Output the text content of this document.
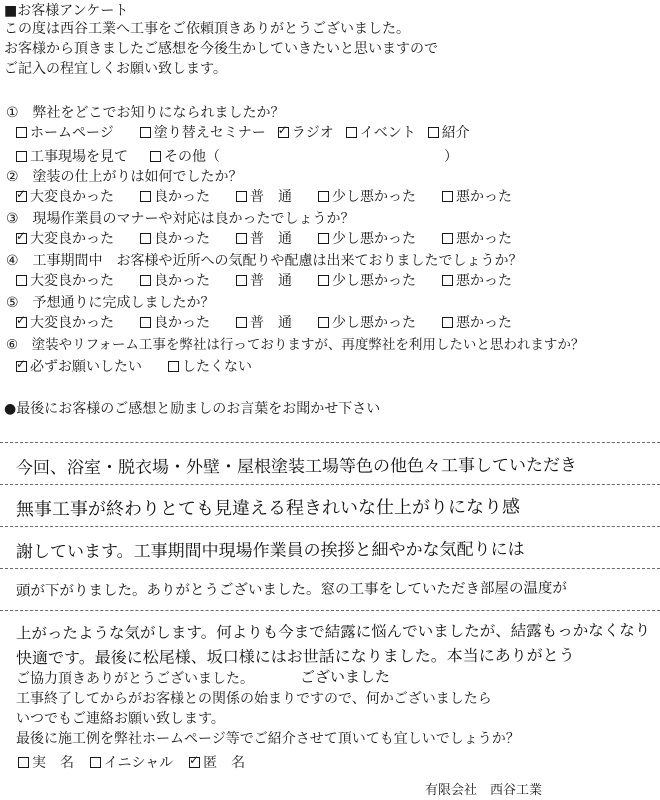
■お客様アンケート
この度は西谷工業へ工事をご依頼頂きありがとうございました。
お客様から頂きましたご感想を今後生かしていきたいと思いますので
ご記入の程宜しくお願い致します。
①　弊社をどこでお知りになられましたか？
ホームページ	塗り替えセミナー ✓ ラジオ イベント 紹介
工事現場を見て	その他（　　　　　　　　　　　　　　　　）
②　塗装の仕上がりは如何でしたか？
✓大変良かった	良かった	普　通	少し悪かった	悪かった
③　現場作業員のマナーや対応は良かったでしょうか？
✓大変良かった	良かった	普　通	少し悪かった	悪かった
④　工事期間中　お客様や近所への気配りや配慮は出来ておりましたでしょうか？
大変良かった	良かった	普　通	少し悪かった	悪かった
⑤　予想通りに完成しましたか？
✓大変良かった	良かった	普　通	少し悪かった	悪かった
⑥　塗装やリフォーム工事を弊社は行っておりますが、再度弊社を利用したいと思われますか？
✓必ずお願いしたい	したくない
●最後にお客様のご感想と励ましのお言葉をお聞かせ下さい
今回、浴室・脱衣場・外壁・屋根塗装工場等色の他色々工事していただき
無事工事が終わりとても見違える程きれいな仕上がりになり感
謝しています。工事期間中現場作業員の挨拶と細やかな気配りには
頭が下がりました。ありがとうございました。窓の工事をしていただき部屋の温度が
上がったような気がします。何よりも今まで結露に悩んでいましたが、結露もっかなくなり
快適です。最後に松尾様、坂口様にはお世話になりました。本当にありがとう
ございました
ご協力頂きありがとうございました。
工事終了してからがお客様との関係の始まりですので、何かございましたら
いつでもご連絡お願い致します。
最後に施工例を弊社ホームページ等でご紹介させて頂いても宜しいでしょうか？
実　名 イニシャル ✓ 匿　名
有限会社　西谷工業
